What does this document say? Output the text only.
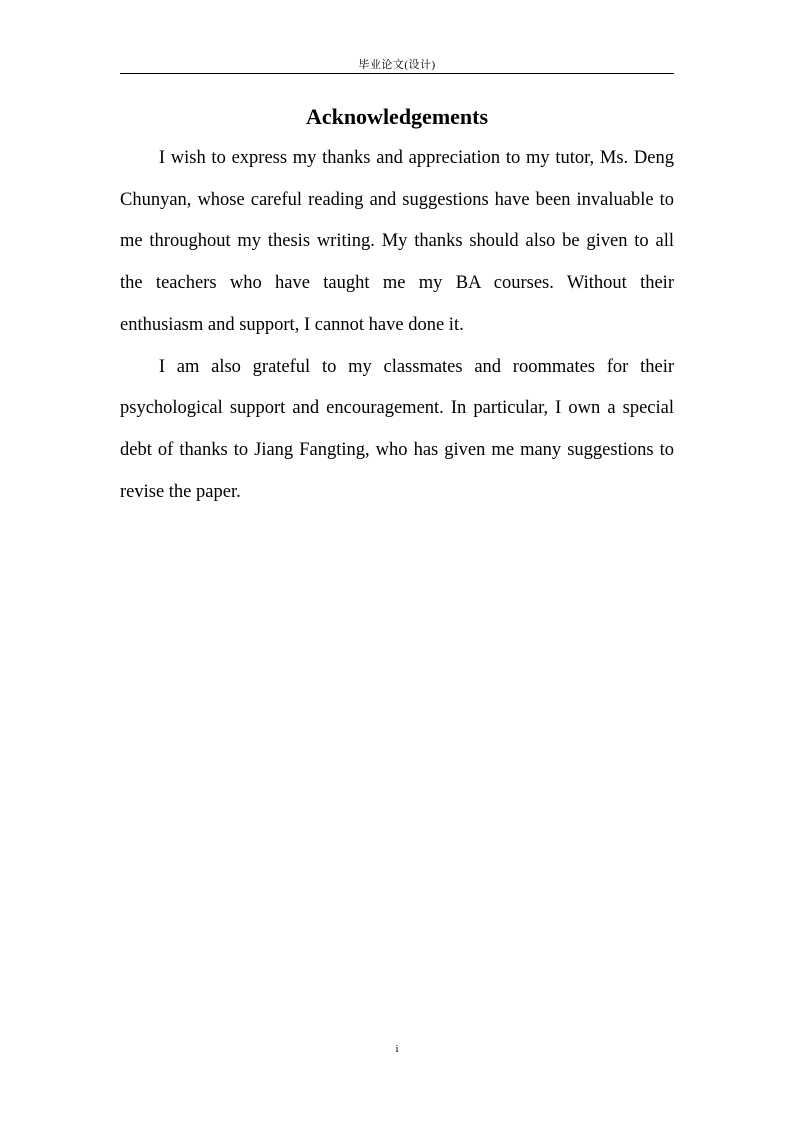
毕业论文(设计)
Acknowledgements

I wish to express my thanks and appreciation to my tutor, Ms. Deng Chunyan, whose careful reading and suggestions have been invaluable to me throughout my thesis writing. My thanks should also be given to all the teachers who have taught me my BA courses. Without their enthusiasm and support, I cannot have done it.

I am also grateful to my classmates and roommates for their psychological support and encouragement. In particular, I own a special debt of thanks to Jiang Fangting, who has given me many suggestions to revise the paper.

i
